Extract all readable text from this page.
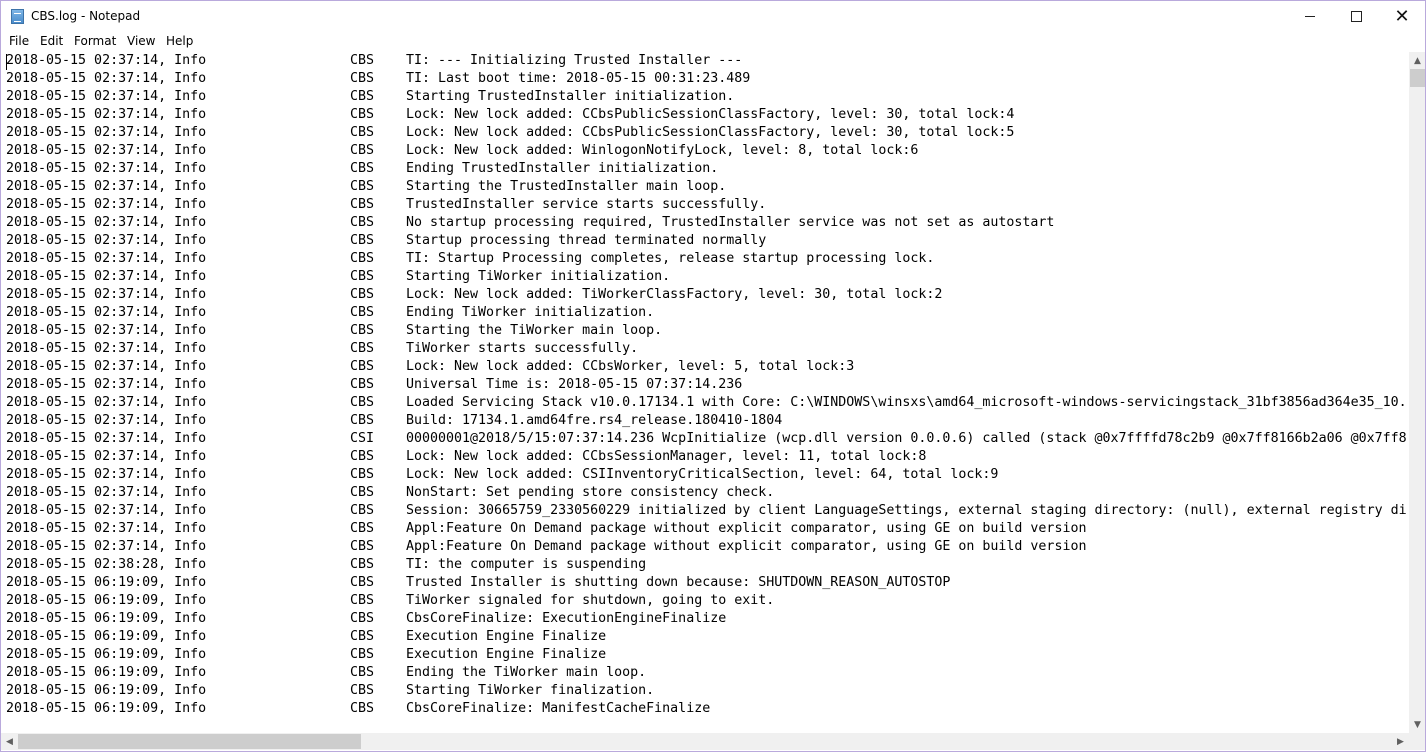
CBS.log - Notepad	✕
File Edit Format View Help
2018-05-15 02:37:14, Info	CBS TI: --- Initializing Trusted Installer ---
2018-05-15 02:37:14, Info	CBS TI: Last boot time: 2018-05-15 00:31:23.489
2018-05-15 02:37:14, Info	CBS Starting TrustedInstaller initialization.
2018-05-15 02:37:14, Info	CBS Lock: New lock added: CCbsPublicSessionClassFactory, level: 30, total lock:4
2018-05-15 02:37:14, Info	CBS Lock: New lock added: CCbsPublicSessionClassFactory, level: 30, total lock:5
2018-05-15 02:37:14, Info	CBS Lock: New lock added: WinlogonNotifyLock, level: 8, total lock:6
2018-05-15 02:37:14, Info	CBS Ending TrustedInstaller initialization.
2018-05-15 02:37:14, Info	CBS Starting the TrustedInstaller main loop.
2018-05-15 02:37:14, Info	CBS TrustedInstaller service starts successfully.
2018-05-15 02:37:14, Info	CBS No startup processing required, TrustedInstaller service was not set as autostart
2018-05-15 02:37:14, Info	CBS Startup processing thread terminated normally
2018-05-15 02:37:14, Info	CBS TI: Startup Processing completes, release startup processing lock.
2018-05-15 02:37:14, Info	CBS Starting TiWorker initialization.
2018-05-15 02:37:14, Info	CBS Lock: New lock added: TiWorkerClassFactory, level: 30, total lock:2
2018-05-15 02:37:14, Info	CBS Ending TiWorker initialization.
2018-05-15 02:37:14, Info	CBS Starting the TiWorker main loop.
2018-05-15 02:37:14, Info	CBS TiWorker starts successfully.
2018-05-15 02:37:14, Info	CBS Lock: New lock added: CCbsWorker, level: 5, total lock:3
2018-05-15 02:37:14, Info	CBS Universal Time is: 2018-05-15 07:37:14.236
2018-05-15 02:37:14, Info	CBS Loaded Servicing Stack v10.0.17134.1 with Core: C:\WINDOWS\winsxs\amd64_microsoft-windows-servicingstack_31bf3856ad364e35_10.
2018-05-15 02:37:14, Info	CBS Build: 17134.1.amd64fre.rs4_release.180410-1804
2018-05-15 02:37:14, Info	CSI 00000001@2018/5/15:07:37:14.236 WcpInitialize (wcp.dll version 0.0.0.6) called (stack @0x7ffffd78c2b9 @0x7ff8166b2a06 @0x7ff8
2018-05-15 02:37:14, Info	CBS Lock: New lock added: CCbsSessionManager, level: 11, total lock:8
2018-05-15 02:37:14, Info	CBS Lock: New lock added: CSIInventoryCriticalSection, level: 64, total lock:9
2018-05-15 02:37:14, Info	CBS NonStart: Set pending store consistency check.
2018-05-15 02:37:14, Info	CBS Session: 30665759_2330560229 initialized by client LanguageSettings, external staging directory: (null), external registry di
2018-05-15 02:37:14, Info	CBS Appl:Feature On Demand package without explicit comparator, using GE on build version
2018-05-15 02:37:14, Info	CBS Appl:Feature On Demand package without explicit comparator, using GE on build version
2018-05-15 02:38:28, Info	CBS TI: the computer is suspending
2018-05-15 06:19:09, Info	CBS Trusted Installer is shutting down because: SHUTDOWN_REASON_AUTOSTOP
2018-05-15 06:19:09, Info	CBS TiWorker signaled for shutdown, going to exit.
2018-05-15 06:19:09, Info	CBS CbsCoreFinalize: ExecutionEngineFinalize
2018-05-15 06:19:09, Info	CBS Execution Engine Finalize
2018-05-15 06:19:09, Info	CBS Execution Engine Finalize
2018-05-15 06:19:09, Info	CBS Ending the TiWorker main loop.
2018-05-15 06:19:09, Info	CBS Starting TiWorker finalization.
2018-05-15 06:19:09, Info	CBS CbsCoreFinalize: ManifestCacheFinalize
▲
▼
◀	▶
